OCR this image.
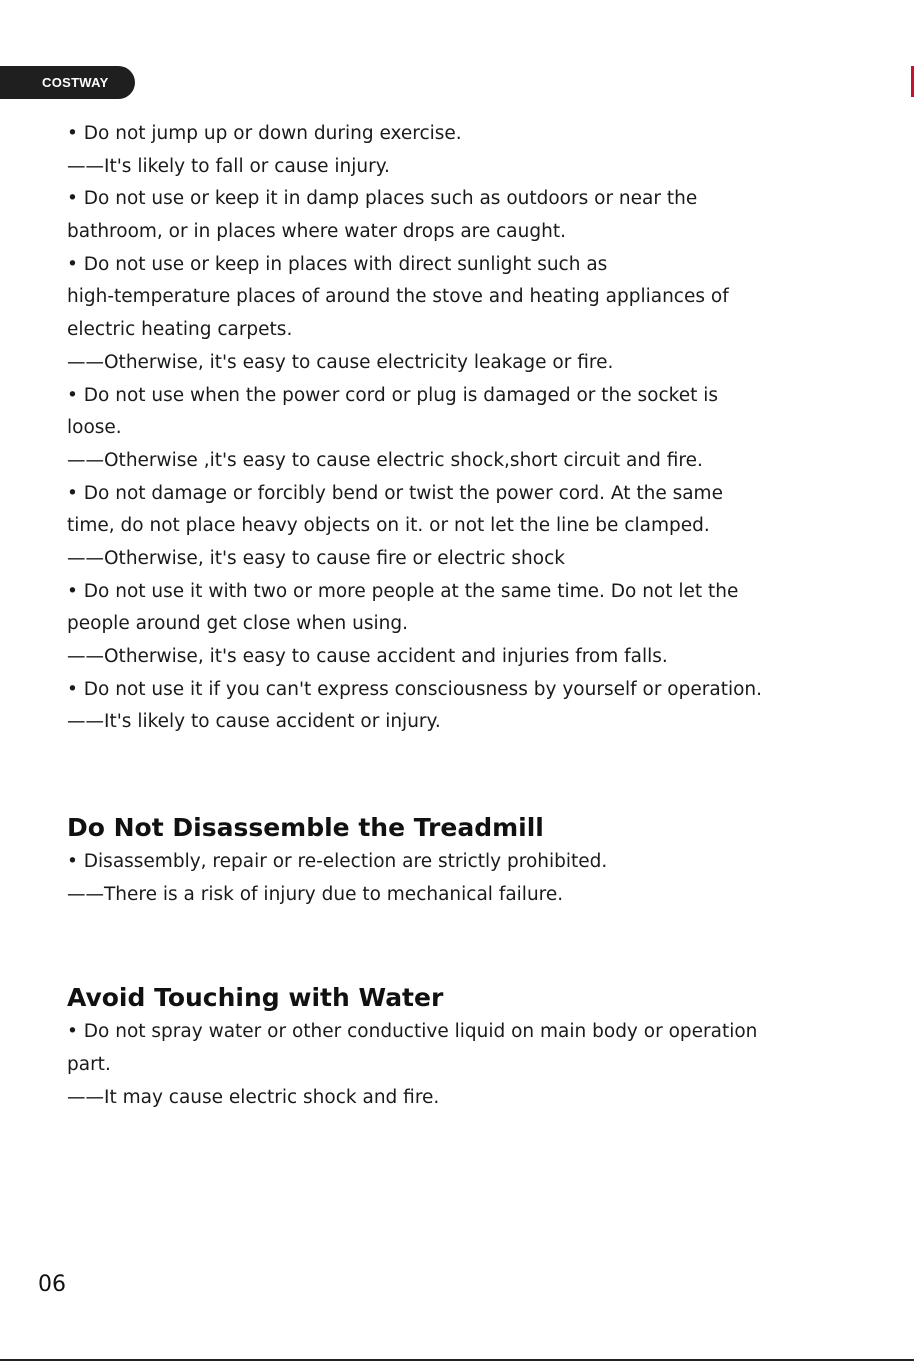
COSTWAY
• Do not jump up or down during exercise.
——It's likely to fall or cause injury.
• Do not use or keep it in damp places such as outdoors or near the
bathroom, or in places where water drops are caught.
• Do not use or keep in places with direct sunlight such as
high-temperature places of around the stove and heating appliances of
electric heating carpets.
——Otherwise, it's easy to cause electricity leakage or fire.
• Do not use when the power cord or plug is damaged or the socket is
loose.
——Otherwise ,it's easy to cause electric shock,short circuit and fire.
• Do not damage or forcibly bend or twist the power cord. At the same
time, do not place heavy objects on it. or not let the line be clamped.
——Otherwise, it's easy to cause fire or electric shock
• Do not use it with two or more people at the same time. Do not let the
people around get close when using.
——Otherwise, it's easy to cause accident and injuries from falls.
• Do not use it if you can't express consciousness by yourself or operation.
——It's likely to cause accident or injury.
Do Not Disassemble the Treadmill
• Disassembly, repair or re-election are strictly prohibited.
——There is a risk of injury due to mechanical failure.
Avoid Touching with Water
• Do not spray water or other conductive liquid on main body or operation
part.
——It may cause electric shock and fire.
06
